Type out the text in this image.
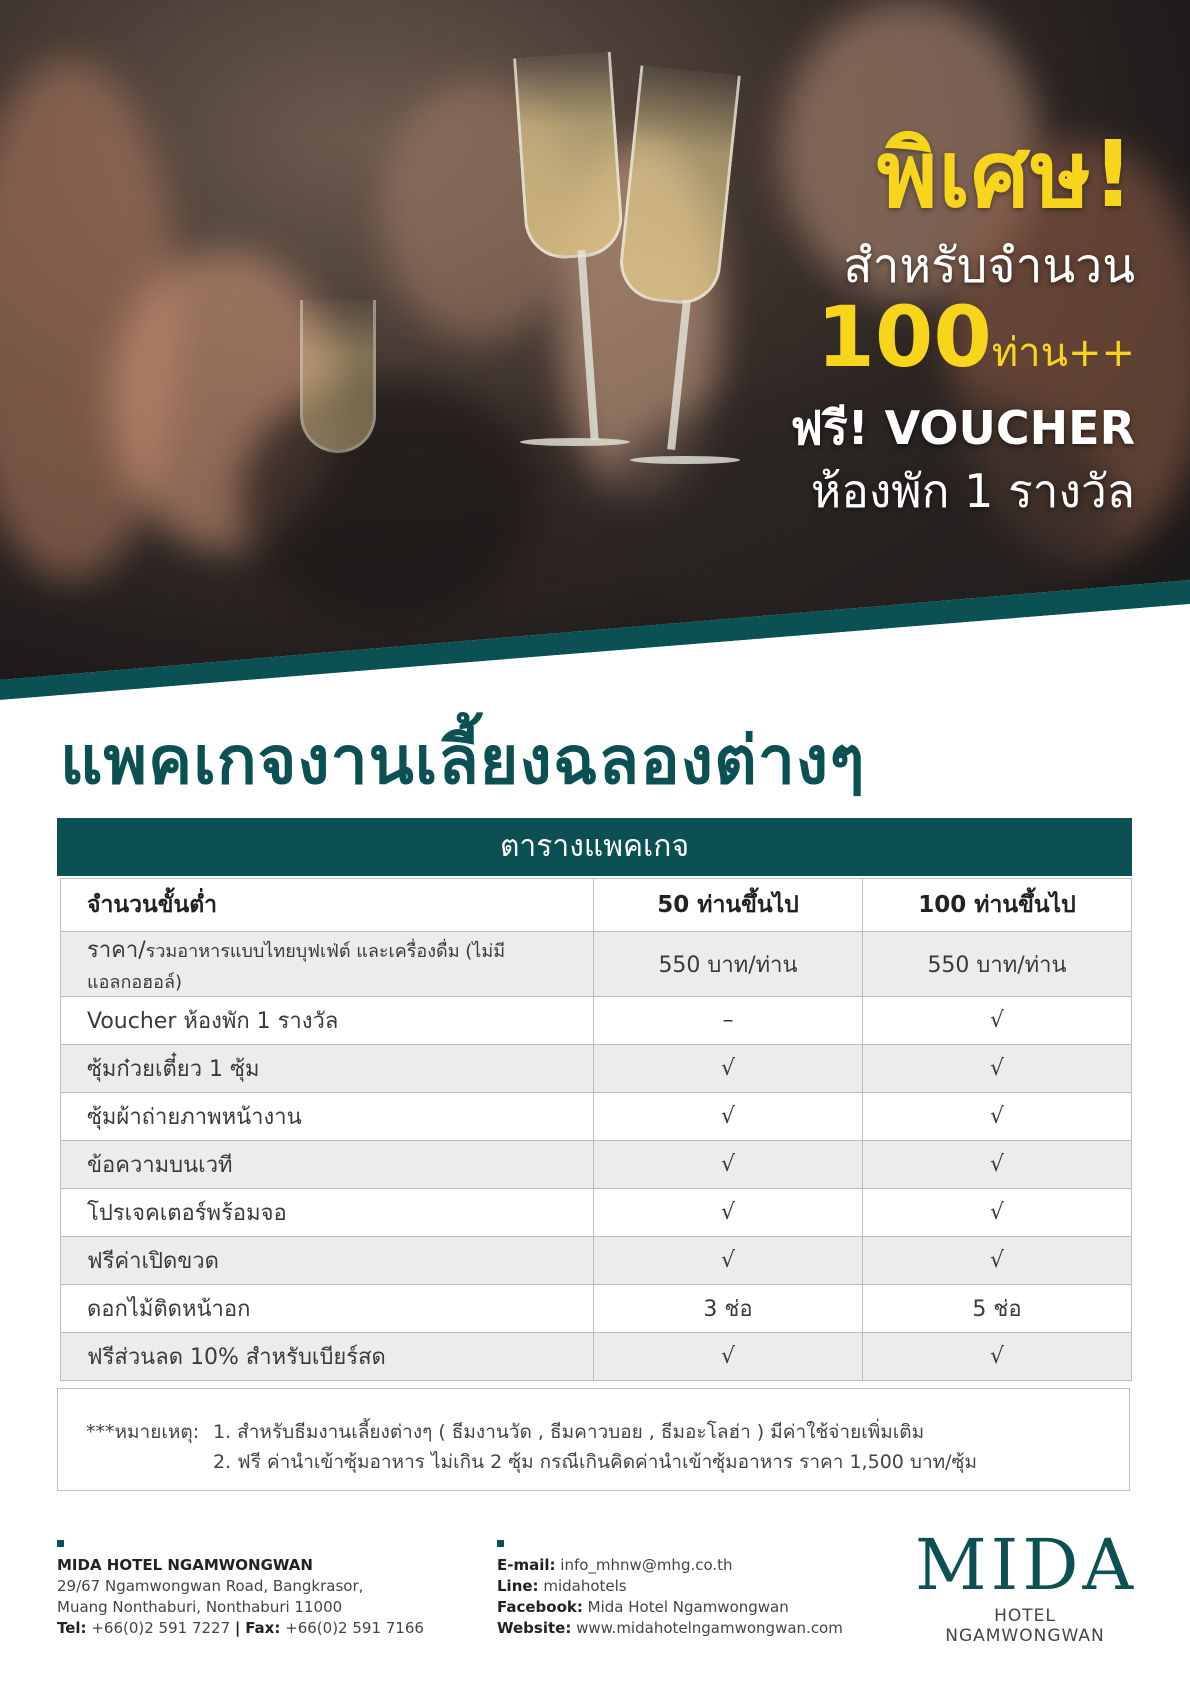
พิเศษ!
สำหรับจำนวน
100ท่าน++
ฟรี! VOUCHER
ห้องพัก 1 รางวัล
แพคเกจงานเลี้ยงฉลองต่างๆ
ตารางแพคเกจ
จำนวนขั้นต่ำ	50 ท่านขึ้นไป	100 ท่านขึ้นไป
ราคา/รวมอาหารแบบไทยบุฟเฟ่ต์ และเครื่องดื่ม (ไม่มีแอลกอฮอล์)	550 บาท/ท่าน	550 บาท/ท่าน
Voucher ห้องพัก 1 รางวัล	–	√
ซุ้มก๋วยเตี๋ยว 1 ซุ้ม	√	√
ซุ้มผ้าถ่ายภาพหน้างาน	√	√
ข้อความบนเวที	√	√
โปรเจคเตอร์พร้อมจอ	√	√
ฟรีค่าเปิดขวด	√	√
ดอกไม้ติดหน้าอก	3 ช่อ	5 ช่อ
ฟรีส่วนลด 10% สำหรับเบียร์สด	√	√
***หมายเหตุ: 1. สำหรับธีมงานเลี้ยงต่างๆ ( ธีมงานวัด , ธีมคาวบอย , ธีมอะโลฮ่า ) มีค่าใช้จ่ายเพิ่มเติม
2. ฟรี ค่านำเข้าซุ้มอาหาร ไม่เกิน 2 ซุ้ม กรณีเกินคิดค่านำเข้าซุ้มอาหาร ราคา 1,500 บาท/ซุ้ม
MIDA HOTEL NGAMWONGWAN
29/67 Ngamwongwan Road, Bangkrasor,
Muang Nonthaburi, Nonthaburi 11000
Tel: +66(0)2 591 7227 | Fax: +66(0)2 591 7166
E-mail: info_mhnw@mhg.co.th
Line: midahotels
Facebook: Mida Hotel Ngamwongwan
Website: www.midahotelngamwongwan.com
MIDA
HOTEL NGAMWONGWAN
